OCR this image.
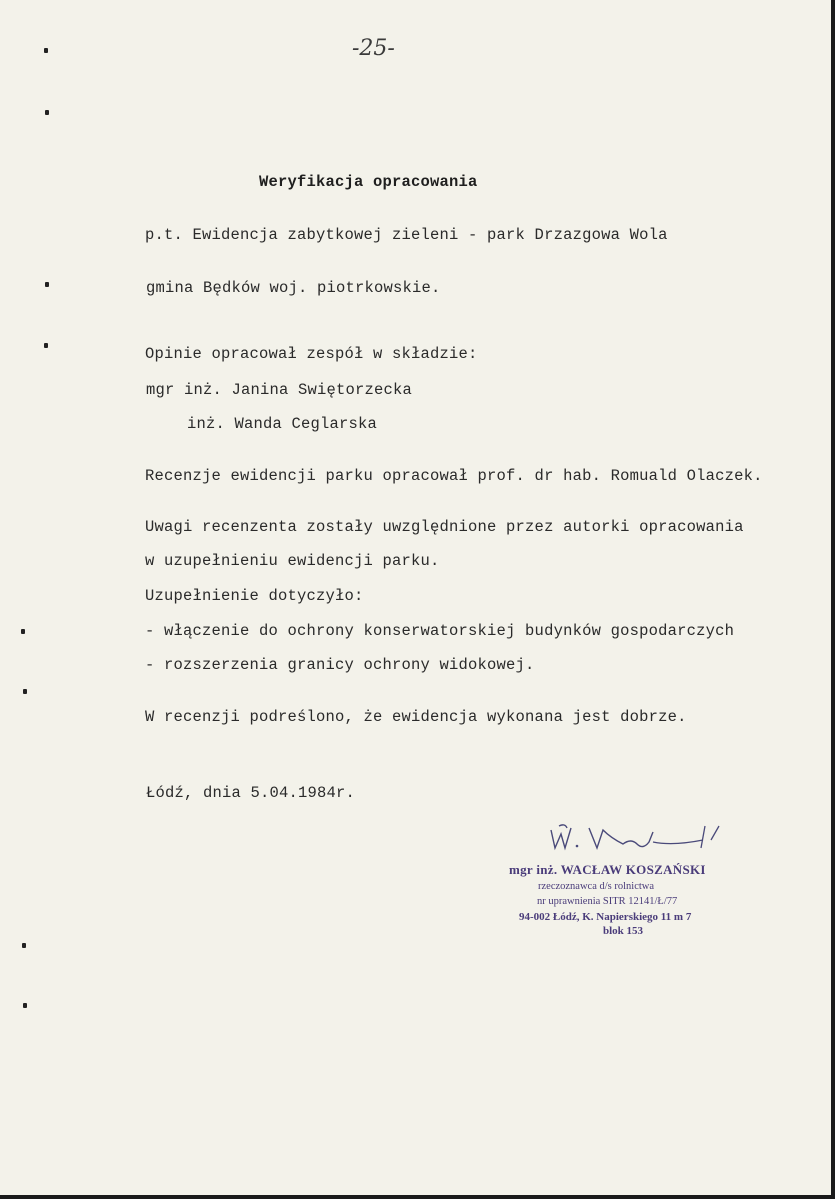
-25-
Weryfikacja opracowania
p.t. Ewidencja zabytkowej zieleni - park Drzazgowa Wola
gmina Będków woj. piotrkowskie.
Opinie opracował zespół w składzie:
mgr inż. Janina Swiętorzecka
inż. Wanda Ceglarska
Recenzje ewidencji parku opracował prof. dr hab. Romuald Olaczek.
Uwagi recenzenta zostały uwzględnione przez autorki opracowania
w uzupełnieniu ewidencji parku.
Uzupełnienie dotyczyło:
- włączenie do ochrony konserwatorskiej budynków gospodarczych
- rozszerzenia granicy ochrony widokowej.
W recenzji podreślono, że ewidencja wykonana jest dobrze.
Łódź, dnia 5.04.1984r.
mgr inż. WACŁAW KOSZAŃSKI
rzeczoznawca d/s rolnictwa
nr uprawnienia SITR 12141/Ł/77
94-002 Łódź, K. Napierskiego 11 m 7
blok 153
